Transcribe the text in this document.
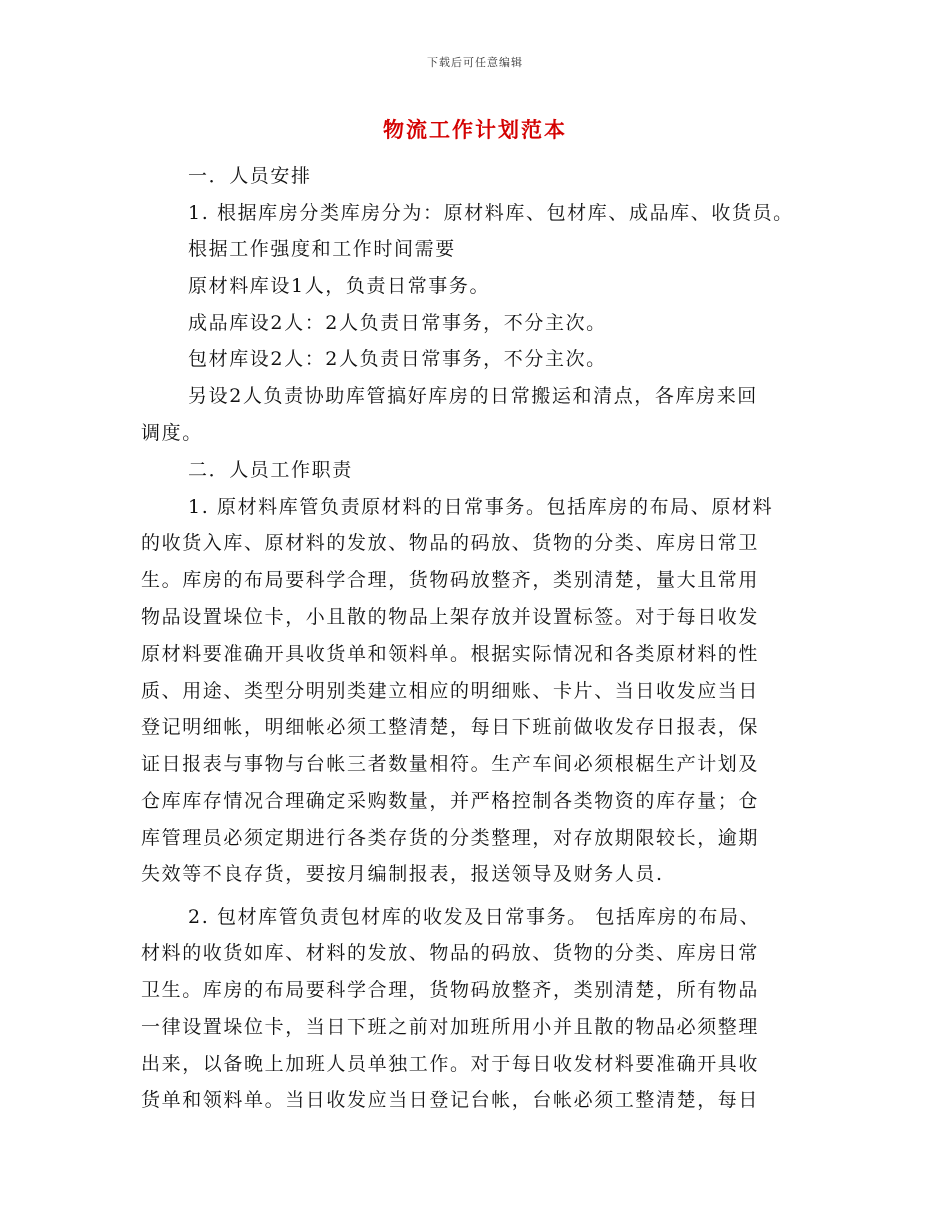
下载后可任意编辑
物流工作计划范本
一．人员安排
1. 根据库房分类库房分为：原材料库、包材库、成品库、收货员。
根据工作强度和工作时间需要
原材料库设1人，负责日常事务。
成品库设2人：2人负责日常事务，不分主次。
包材库设2人：2人负责日常事务，不分主次。
另设2人负责协助库管搞好库房的日常搬运和清点，各库房来回
调度。
二．人员工作职责
1. 原材料库管负责原材料的日常事务。包括库房的布局、原材料
的收货入库、原材料的发放、物品的码放、货物的分类、库房日常卫
生。库房的布局要科学合理，货物码放整齐，类别清楚，量大且常用
物品设置垛位卡，小且散的物品上架存放并设置标签。对于每日收发
原材料要准确开具收货单和领料单。根据实际情况和各类原材料的性
质、用途、类型分明别类建立相应的明细账、卡片、当日收发应当日
登记明细帐，明细帐必须工整清楚，每日下班前做收发存日报表，保
证日报表与事物与台帐三者数量相符。生产车间必须根椐生产计划及
仓库库存情况合理确定采购数量，并严格控制各类物资的库存量；仓
库管理员必须定期进行各类存货的分类整理，对存放期限较长，逾期
失效等不良存货，要按月编制报表，报送领导及财务人员.
2. 包材库管负责包材库的收发及日常事务。 包括库房的布局、
材料的收货如库、材料的发放、物品的码放、货物的分类、库房日常
卫生。库房的布局要科学合理，货物码放整齐，类别清楚，所有物品
一律设置垛位卡，当日下班之前对加班所用小并且散的物品必须整理
出来，以备晚上加班人员单独工作。对于每日收发材料要准确开具收
货单和领料单。当日收发应当日登记台帐，台帐必须工整清楚，每日
